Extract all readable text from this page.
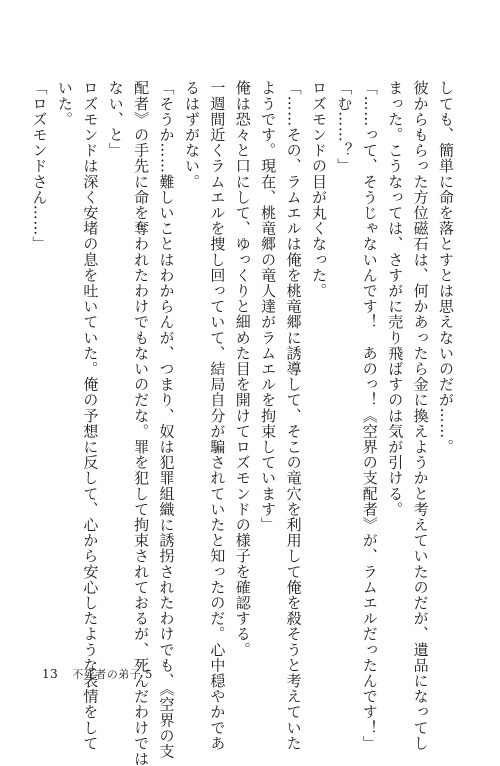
しても、簡単に命を落とすとは思えないのだが……。
彼からもらった方位磁石は、何かあったら金に換えようかと考えていたのだが、遺品になってし
まった。こうなっては、さすがに売り飛ばすのは気が引ける。
「……って、そうじゃないんです！　あのっ！《空界の支配者》が、ラムエルだったんです！」
「む……？」
ロズモンドの目が丸くなった。
「……その、ラムエルは俺を桃竜郷に誘導して、そこの竜穴を利用して俺を殺そうと考えていた
ようです。現在、桃竜郷の竜人達がラムエルを拘束しています」
俺は恐々と口にして、ゆっくりと細めた目を開けてロズモンドの様子を確認する。
一週間近くラムエルを捜し回っていて、結局自分が騙されていたと知ったのだ。心中穏やかであ
るはずがない。
「そうか……難しいことはわからんが、つまり、奴は犯罪組織に誘拐されたわけでも、《空界の支
配者》の手先に命を奪われたわけでもないのだな。罪を犯して拘束されておるが、死んだわけでは
ない、と」
ロズモンドは深く安堵の息を吐いていた。俺の予想に反して、心から安心したような表情をして
いた。
「ロズモンドさん……」
13 不死者の弟子 5
